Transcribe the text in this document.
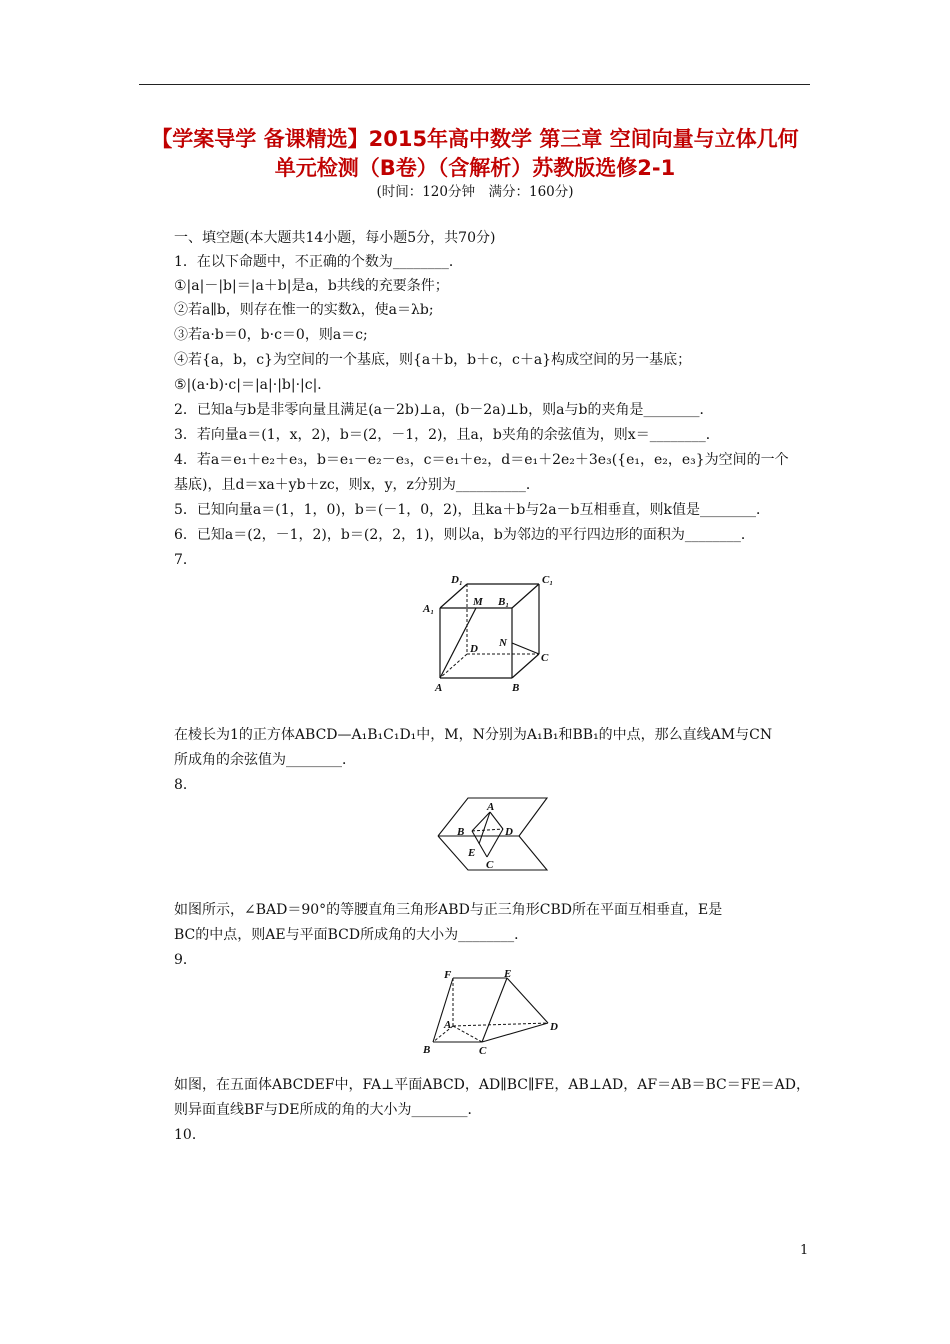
【学案导学 备课精选】2015年高中数学 第三章 空间向量与立体几何
单元检测（B卷）（含解析）苏教版选修2-1
(时间：120分钟　满分：160分)
一、填空题(本大题共14小题，每小题5分，共70分)
1．在以下命题中，不正确的个数为________．
①|a|－|b|＝|a＋b|是a，b共线的充要条件；
②若a∥b，则存在惟一的实数λ，使a＝λb;
③若a·b＝0，b·c＝0，则a＝c;
④若{a，b，c}为空间的一个基底，则{a＋b，b＋c，c＋a}构成空间的另一基底；
⑤|(a·b)·c|＝|a|·|b|·|c|．
2．已知a与b是非零向量且满足(a－2b)⊥a，(b－2a)⊥b，则a与b的夹角是________．
3．若向量a＝(1，x，2)，b＝(2，－1，2)，且a，b夹角的余弦值为，则x＝________．
4．若a＝e₁＋e₂＋e₃，b＝e₁－e₂－e₃，c＝e₁＋e₂，d＝e₁＋2e₂＋3e₃({e₁，e₂，e₃}为空间的一个
基底)，且d＝xa＋yb＋zc，则x，y，z分别为__________．
5．已知向量a＝(1，1，0)，b＝(－1，0，2)，且ka＋b与2a－b互相垂直，则k值是________．
6．已知a＝(2，－1，2)，b＝(2，2，1)，则以a，b为邻边的平行四边形的面积为________．
7．
D₁	C₁
A₁
M B₁
N
D
C
A	B
在棱长为1的正方体ABCD—A₁B₁C₁D₁中，M，N分别为A₁B₁和BB₁的中点，那么直线AM与CN
所成角的余弦值为________．
8．
A
B	D
E
C
如图所示，∠BAD＝90°的等腰直角三角形ABD与正三角形CBD所在平面互相垂直，E是
BC的中点，则AE与平面BCD所成角的大小为________．
9．
F	E
A	D
B	C
如图，在五面体ABCDEF中，FA⊥平面ABCD，AD∥BC∥FE，AB⊥AD，AF＝AB＝BC＝FE＝AD，
则异面直线BF与DE所成的角的大小为________．
10．
1
